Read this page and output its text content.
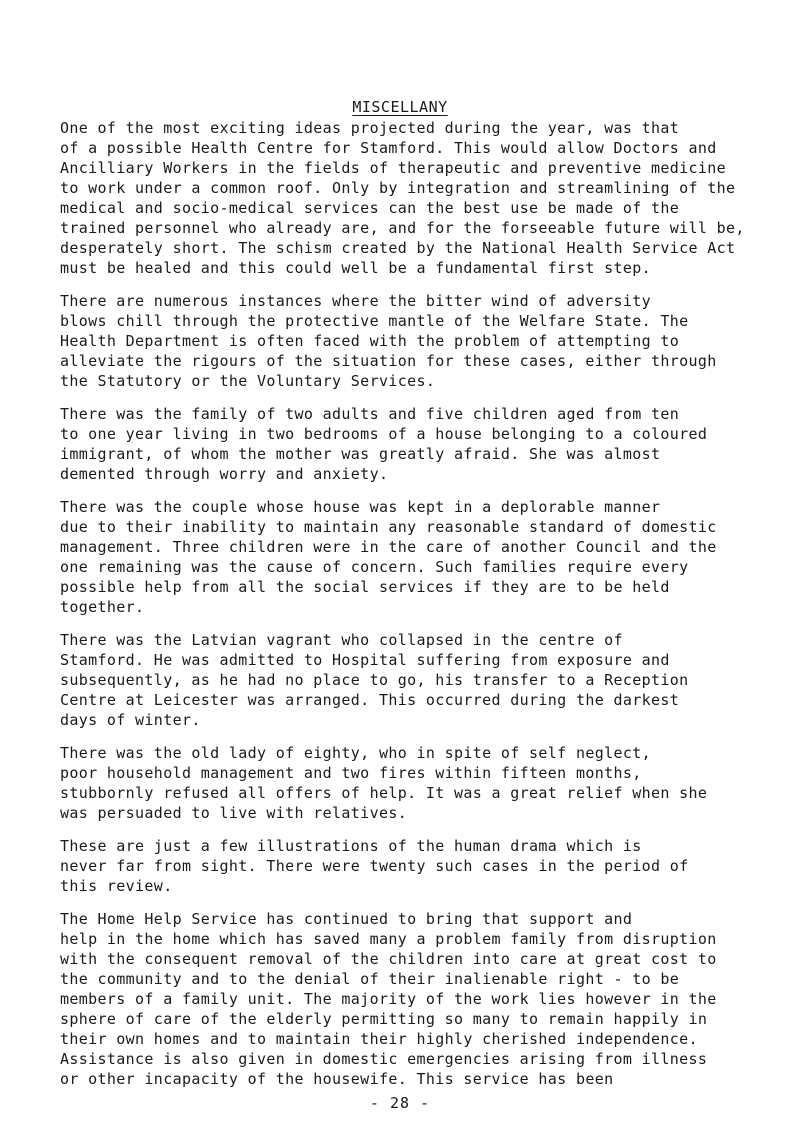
MISCELLANY

One of the most exciting ideas projected during the year, was that
of a possible Health Centre for Stamford. This would allow Doctors and
Ancilliary Workers in the fields of therapeutic and preventive medicine
to work under a common roof. Only by integration and streamlining of the
medical and socio-medical services can the best use be made of the
trained personnel who already are, and for the forseeable future will be,
desperately short. The schism created by the National Health Service Act
must be healed and this could well be a fundamental first step.

There are numerous instances where the bitter wind of adversity
blows chill through the protective mantle of the Welfare State. The
Health Department is often faced with the problem of attempting to
alleviate the rigours of the situation for these cases, either through
the Statutory or the Voluntary Services.

There was the family of two adults and five children aged from ten
to one year living in two bedrooms of a house belonging to a coloured
immigrant, of whom the mother was greatly afraid. She was almost
demented through worry and anxiety.

There was the couple whose house was kept in a deplorable manner
due to their inability to maintain any reasonable standard of domestic
management. Three children were in the care of another Council and the
one remaining was the cause of concern. Such families require every
possible help from all the social services if they are to be held
together.

There was the Latvian vagrant who collapsed in the centre of
Stamford. He was admitted to Hospital suffering from exposure and
subsequently, as he had no place to go, his transfer to a Reception
Centre at Leicester was arranged. This occurred during the darkest
days of winter.

There was the old lady of eighty, who in spite of self neglect,
poor household management and two fires within fifteen months,
stubbornly refused all offers of help. It was a great relief when she
was persuaded to live with relatives.

These are just a few illustrations of the human drama which is
never far from sight. There were twenty such cases in the period of
this review.

The Home Help Service has continued to bring that support and
help in the home which has saved many a problem family from disruption
with the consequent removal of the children into care at great cost to
the community and to the denial of their inalienable right - to be
members of a family unit. The majority of the work lies however in the
sphere of care of the elderly permitting so many to remain happily in
their own homes and to maintain their highly cherished independence.
Assistance is also given in domestic emergencies arising from illness
or other incapacity of the housewife. This service has been

- 28 -
